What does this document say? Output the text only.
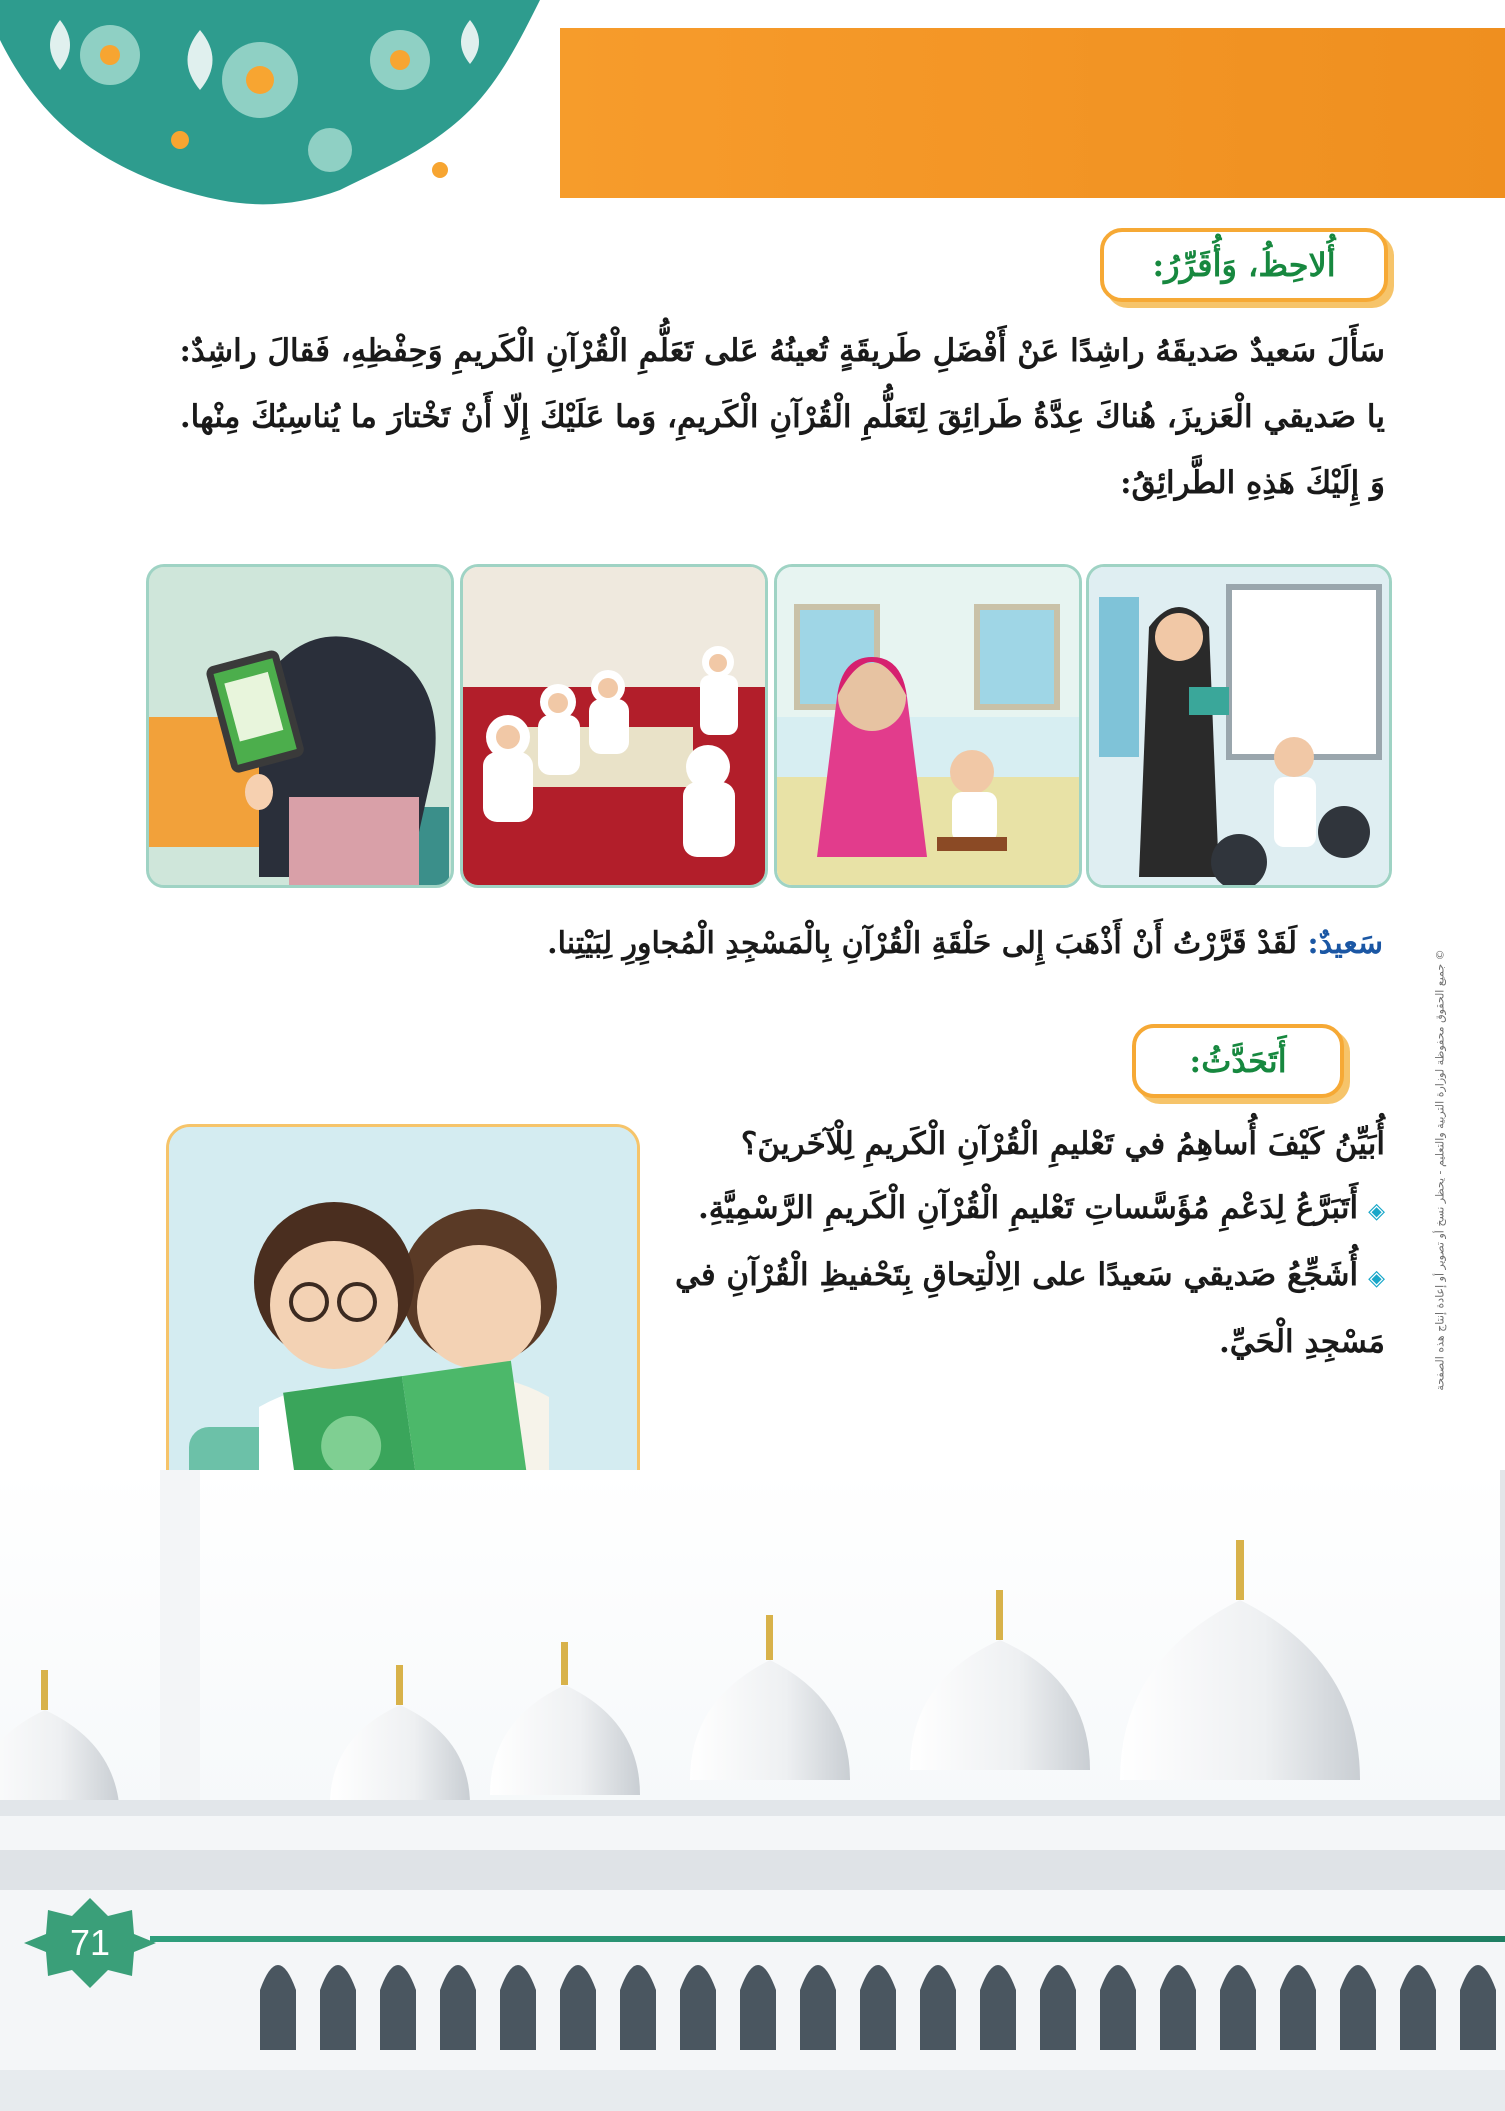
أُلاحِظُ، وَأُقَرِّرُ:
سَأَلَ سَعيدٌ صَديقَهُ راشِدًا عَنْ أَفْضَلِ طَريقَةٍ تُعينُهُ عَلى تَعَلُّمِ الْقُرْآنِ الْكَريمِ وَحِفْظِهِ، فَقالَ راشِدٌ:
يا صَديقي الْعَزيزَ، هُناكَ عِدَّةُ طَرائِقَ لِتَعَلُّمِ الْقُرْآنِ الْكَريمِ، وَما عَلَيْكَ إِلّا أَنْ تَخْتارَ ما يُناسِبُكَ مِنْها.
وَ إِلَيْكَ هَذِهِ الطَّرائِقُ:
سَعيدٌ: لَقَدْ قَرَّرْتُ أَنْ أَذْهَبَ إِلى حَلْقَةِ الْقُرْآنِ بِالْمَسْجِدِ الْمُجاوِرِ لِبَيْتِنا.
أَتَحَدَّثُ:
أُبَيِّنُ كَيْفَ أُساهِمُ في تَعْليمِ الْقُرْآنِ الْكَريمِ لِلْآخَرينَ؟
◈أَتَبَرَّعُ لِدَعْمِ مُؤَسَّساتِ تَعْليمِ الْقُرْآنِ الْكَريمِ الرَّسْمِيَّةِ.
◈أُشَجِّعُ صَديقي سَعيدًا على الِالْتِحاقِ بِتَحْفيظِ الْقُرْآنِ في مَسْجِدِ الْحَيِّ.
71
© جميع الحقوق محفوظة لوزارة التربية والتعليم - يحظر نسخ أو تصوير أو إعادة إنتاج هذه الصفحة
